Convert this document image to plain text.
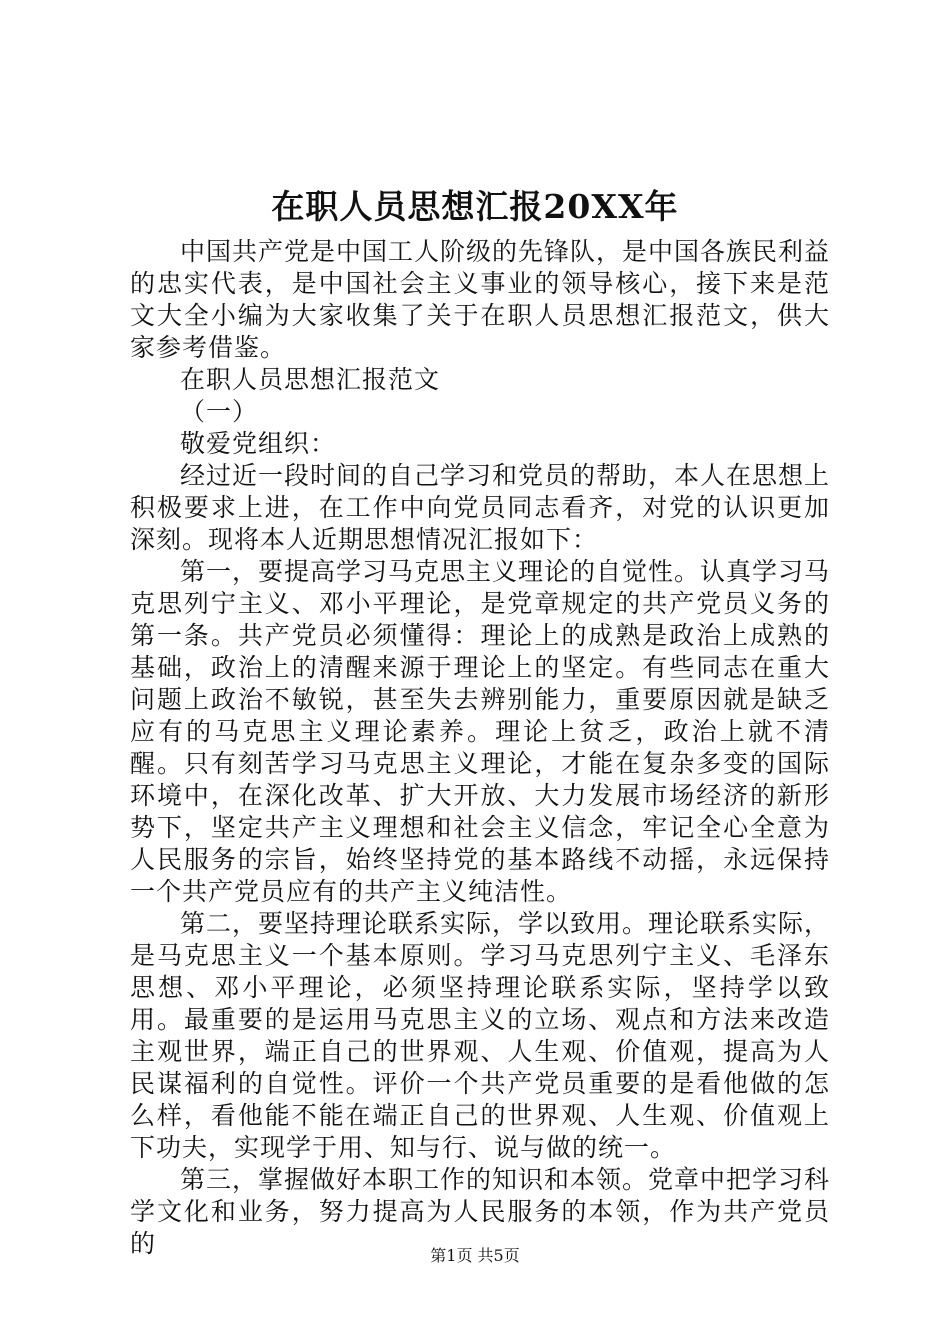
在职人员思想汇报20XX年

中国共产党是中国工人阶级的先锋队，是中国各族民利益的忠实代表，是中国社会主义事业的领导核心，接下来是范文大全小编为大家收集了关于在职人员思想汇报范文，供大家参考借鉴。

在职人员思想汇报范文

（一）

敬爱党组织：

经过近一段时间的自己学习和党员的帮助，本人在思想上积极要求上进，在工作中向党员同志看齐，对党的认识更加深刻。现将本人近期思想情况汇报如下：

第一，要提高学习马克思主义理论的自觉性。认真学习马克思列宁主义、邓小平理论，是党章规定的共产党员义务的第一条。共产党员必须懂得：理论上的成熟是政治上成熟的基础，政治上的清醒来源于理论上的坚定。有些同志在重大问题上政治不敏锐，甚至失去辨别能力，重要原因就是缺乏应有的马克思主义理论素养。理论上贫乏，政治上就不清醒。只有刻苦学习马克思主义理论，才能在复杂多变的国际环境中，在深化改革、扩大开放、大力发展市场经济的新形势下，坚定共产主义理想和社会主义信念，牢记全心全意为人民服务的宗旨，始终坚持党的基本路线不动摇，永远保持一个共产党员应有的共产主义纯洁性。

第二，要坚持理论联系实际，学以致用。理论联系实际，是马克思主义一个基本原则。学习马克思列宁主义、毛泽东思想、邓小平理论，必须坚持理论联系实际，坚持学以致用。最重要的是运用马克思主义的立场、观点和方法来改造主观世界，端正自己的世界观、人生观、价值观，提高为人民谋福利的自觉性。评价一个共产党员重要的是看他做的怎么样，看他能不能在端正自己的世界观、人生观、价值观上下功夫，实现学于用、知与行、说与做的统一。

第三，掌握做好本职工作的知识和本领。党章中把学习科学文化和业务，努力提高为人民服务的本领，作为共产党员的	第1页 共5页
